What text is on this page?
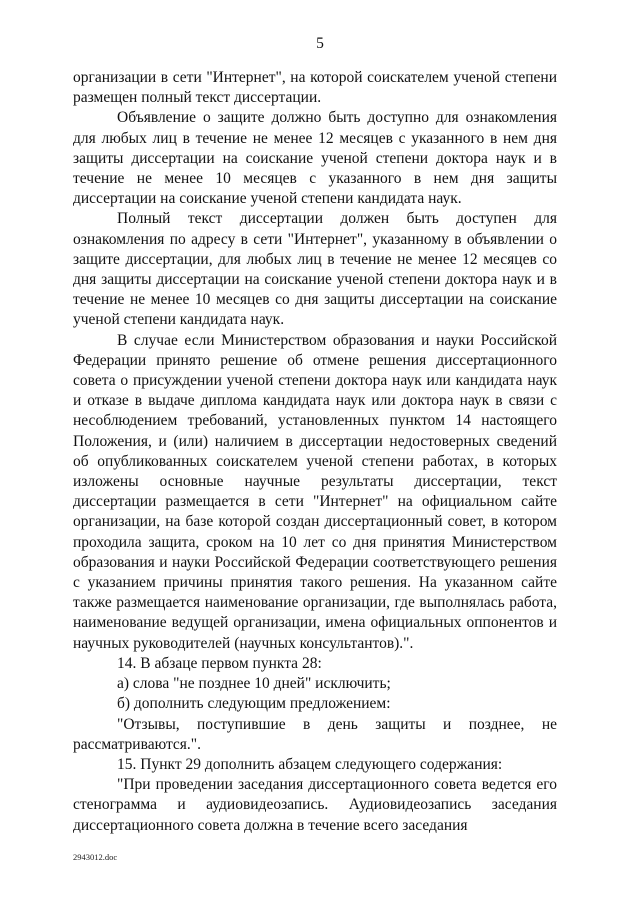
5

организации в сети "Интернет", на которой соискателем ученой степени размещен полный текст диссертации.

Объявление о защите должно быть доступно для ознакомления для любых лиц в течение не менее 12 месяцев с указанного в нем дня защиты диссертации на соискание ученой степени доктора наук и в течение не менее 10 месяцев с указанного в нем дня защиты диссертации на соискание ученой степени кандидата наук.

Полный текст диссертации должен быть доступен для ознакомления по адресу в сети "Интернет", указанному в объявлении о защите диссертации, для любых лиц в течение не менее 12 месяцев со дня защиты диссертации на соискание ученой степени доктора наук и в течение не менее 10 месяцев со дня защиты диссертации на соискание ученой степени кандидата наук.

В случае если Министерством образования и науки Российской Федерации принято решение об отмене решения диссертационного совета о присуждении ученой степени доктора наук или кандидата наук и отказе в выдаче диплома кандидата наук или доктора наук в связи с несоблюдением требований, установленных пунктом 14 настоящего Положения, и (или) наличием в диссертации недостоверных сведений об опубликованных соискателем ученой степени работах, в которых изложены основные научные результаты диссертации, текст диссертации размещается в сети "Интернет" на официальном сайте организации, на базе которой создан диссертационный совет, в котором проходила защита, сроком на 10 лет со дня принятия Министерством образования и науки Российской Федерации соответствующего решения с указанием причины принятия такого решения. На указанном сайте также размещается наименование организации, где выполнялась работа, наименование ведущей организации, имена официальных оппонентов и научных руководителей (научных консультантов).".

14. В абзаце первом пункта 28:

а) слова "не позднее 10 дней" исключить;

б) дополнить следующим предложением:

"Отзывы, поступившие в день защиты и позднее, не рассматриваются.".

15. Пункт 29 дополнить абзацем следующего содержания:

"При проведении заседания диссертационного совета ведется его стенограмма и аудиовидеозапись. Аудиовидеозапись заседания диссертационного совета должна в течение всего заседания

2943012.doc
